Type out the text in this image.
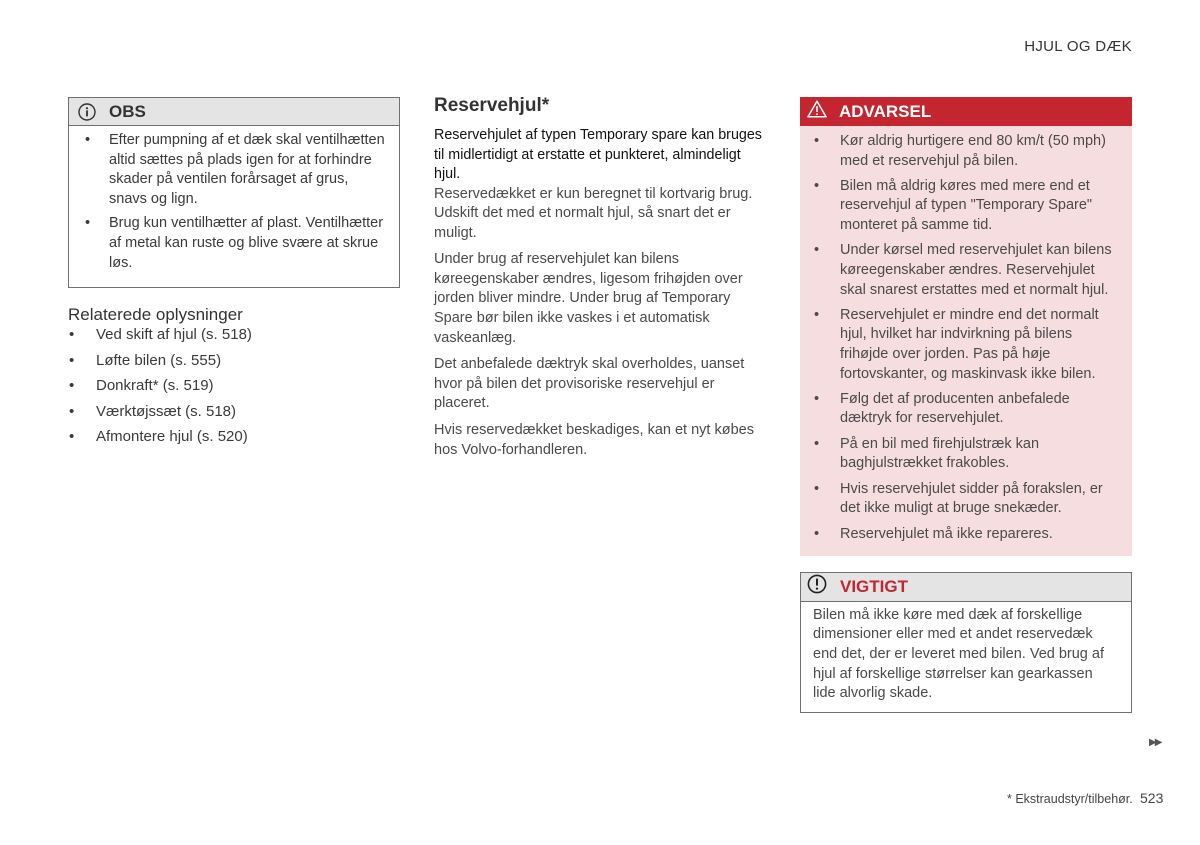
HJUL OG DÆK
OBS
• Efter pumpning af et dæk skal ventilhætten altid sættes på plads igen for at forhindre skader på ventilen forårsaget af grus, snavs og lign.
• Brug kun ventilhætter af plast. Ventilhætter af metal kan ruste og blive svære at skrue løs.
Relaterede oplysninger
• Ved skift af hjul (s. 518)
• Løfte bilen (s. 555)
• Donkraft* (s. 519)
• Værktøjssæt (s. 518)
• Afmontere hjul (s. 520)
Reservehjul*

Reservehjulet af typen Temporary spare kan bruges til midlertidigt at erstatte et punkteret, almindeligt hjul.

Reservedækket er kun beregnet til kortvarig brug. Udskift det med et normalt hjul, så snart det er muligt.

Under brug af reservehjulet kan bilens køreegenskaber ændres, ligesom frihøjden over jorden bliver mindre. Under brug af Temporary Spare bør bilen ikke vaskes i et automatisk vaskeanlæg.

Det anbefalede dæktryk skal overholdes, uanset hvor på bilen det provisoriske reservehjul er placeret.

Hvis reservedækket beskadiges, kan et nyt købes hos Volvo-forhandleren.

ADVARSEL
• Kør aldrig hurtigere end 80 km/t (50 mph) med et reservehjul på bilen.
• Bilen må aldrig køres med mere end et reservehjul af typen "Temporary Spare" monteret på samme tid.
• Under kørsel med reservehjulet kan bilens køreegenskaber ændres. Reservehjulet skal snarest erstattes med et normalt hjul.
• Reservehjulet er mindre end det normalt hjul, hvilket har indvirkning på bilens frihøjde over jorden. Pas på høje fortovskanter, og maskinvask ikke bilen.
• Følg det af producenten anbefalede dæktryk for reservehjulet.
• På en bil med firehjulstræk kan baghjulstrækket frakobles.
• Hvis reservehjulet sidder på forakslen, er det ikke muligt at bruge snekæder.
• Reservehjulet må ikke repareres.
VIGTIGT
Bilen må ikke køre med dæk af forskellige dimensioner eller med et andet reservedæk end det, der er leveret med bilen. Ved brug af hjul af forskellige størrelser kan gearkassen lide alvorlig skade.
▶▶
* Ekstraudstyr/tilbehør. 523
